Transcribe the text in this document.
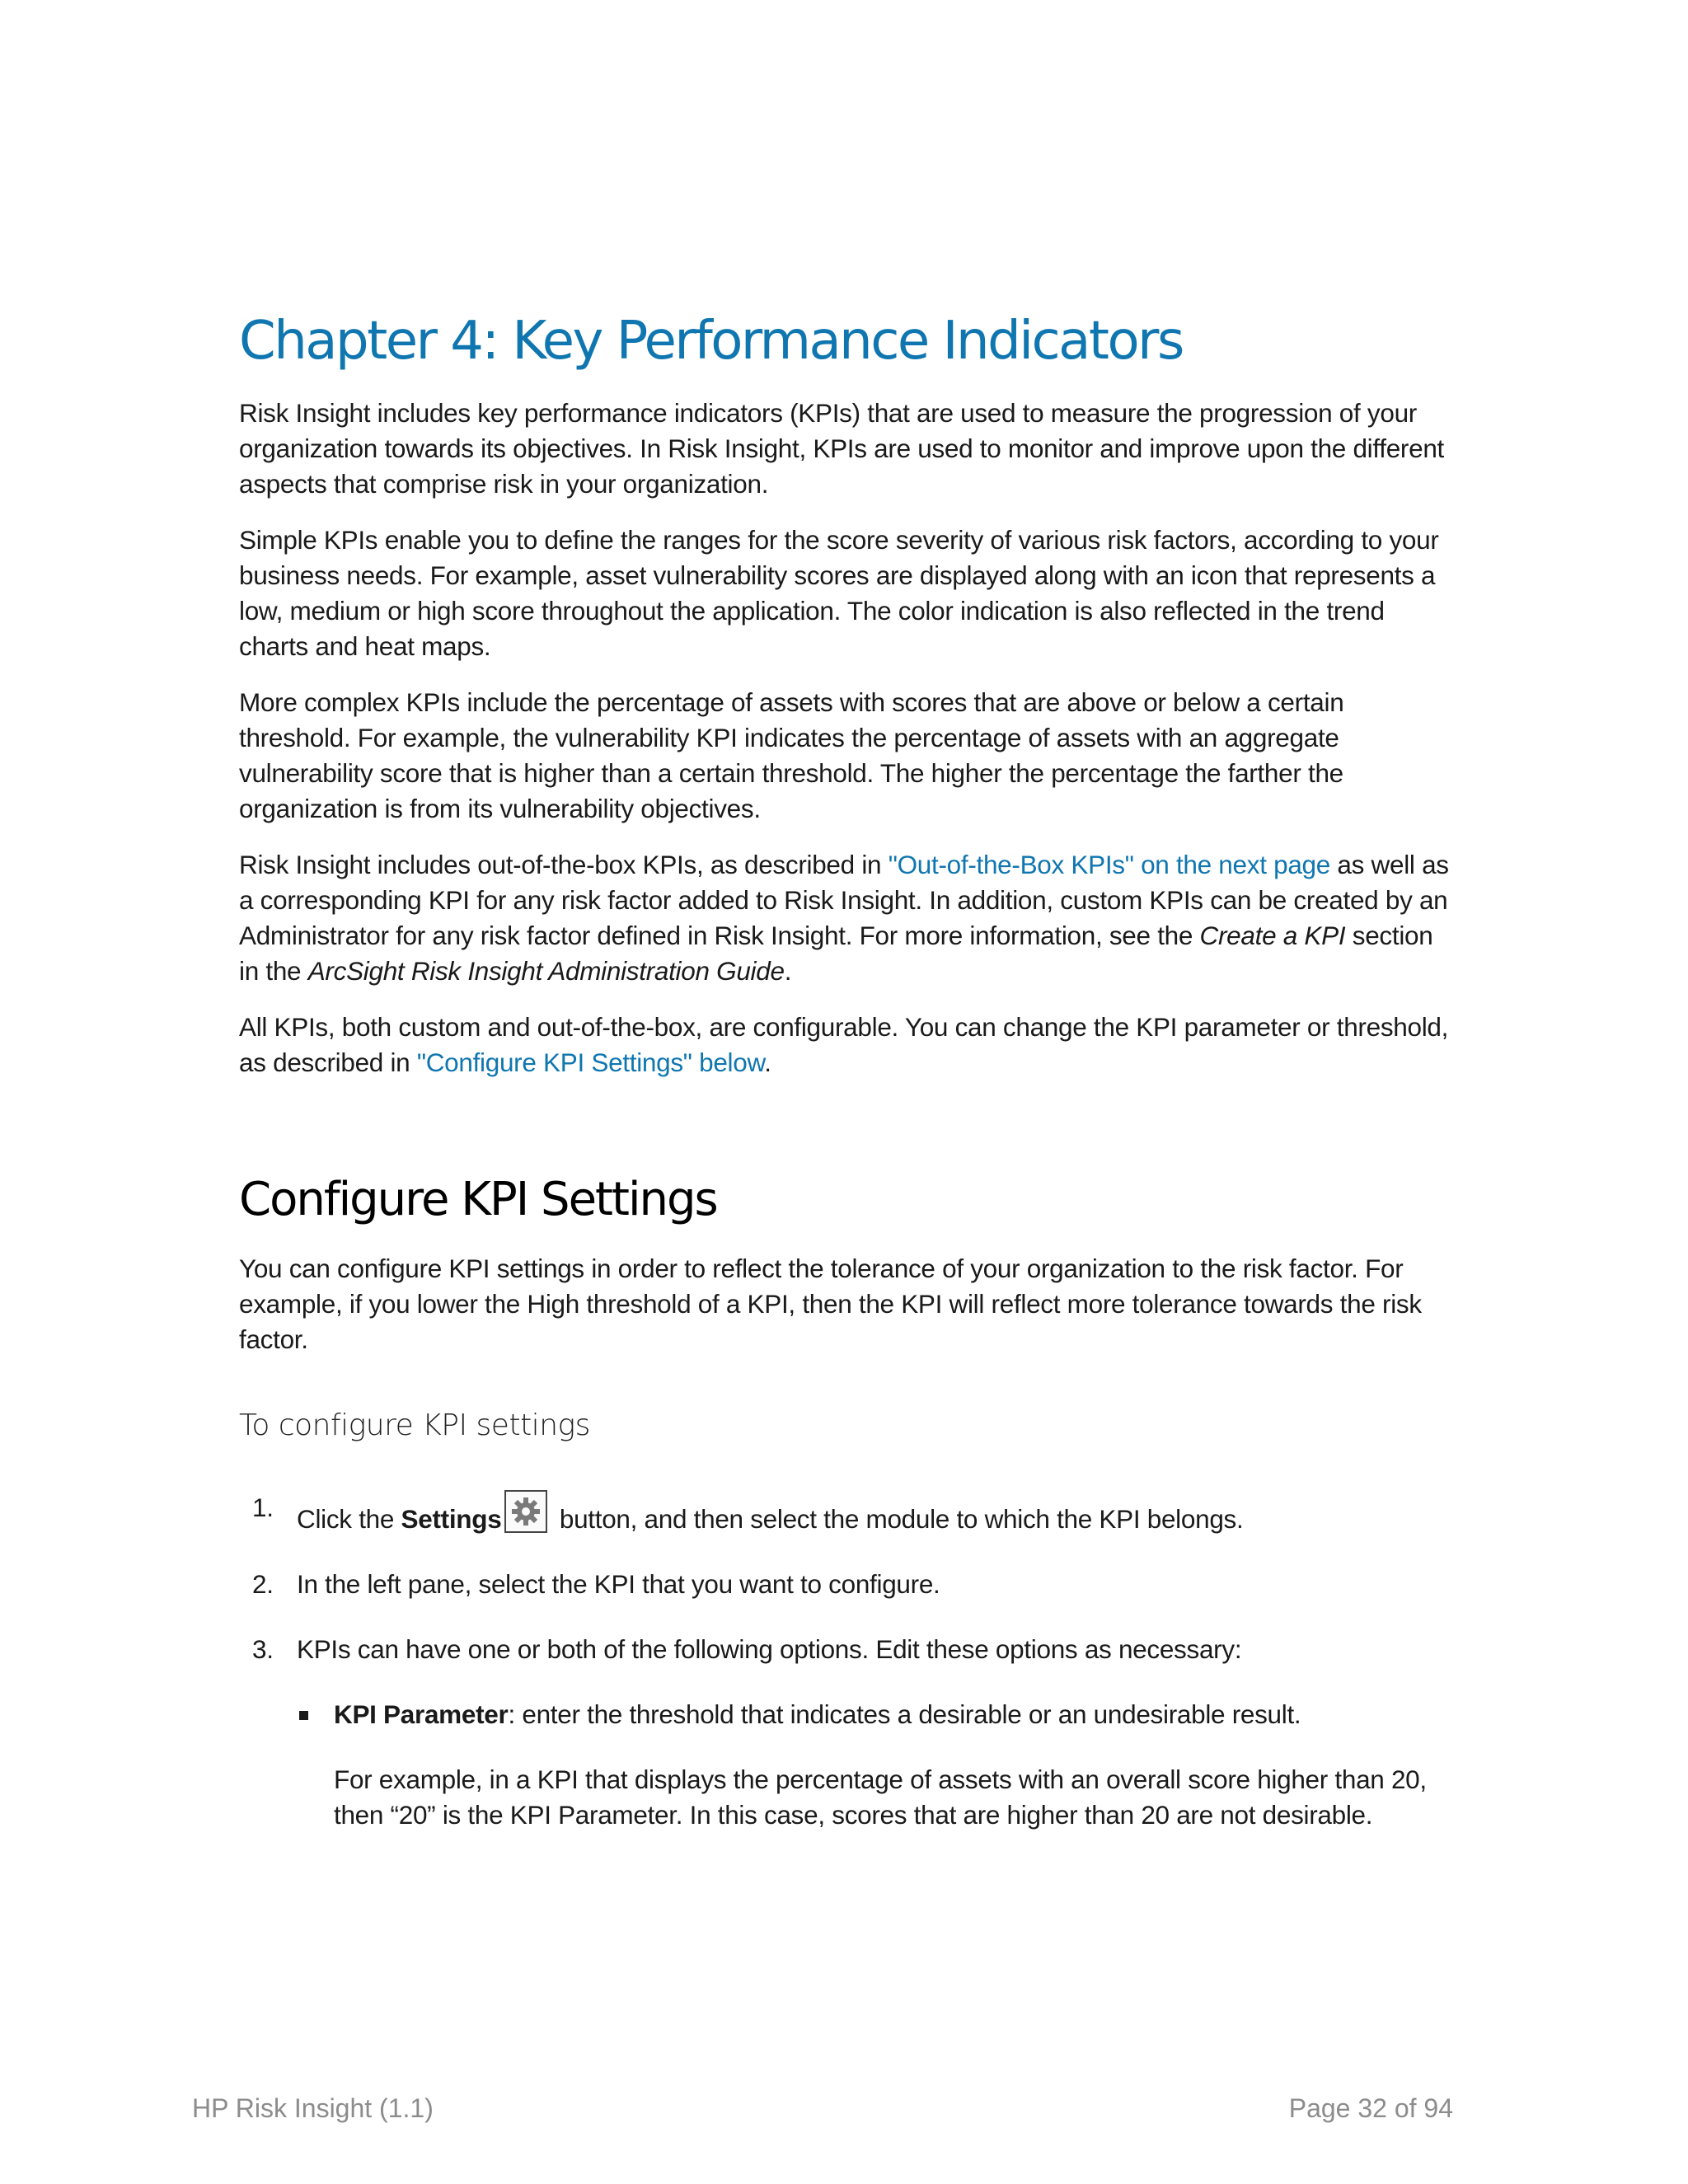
Chapter 4: Key Performance Indicators

Risk Insight includes key performance indicators (KPIs) that are used to measure the progression of your organization towards its objectives. In Risk Insight, KPIs are used to monitor and improve upon the different aspects that comprise risk in your organization.

Simple KPIs enable you to define the ranges for the score severity of various risk factors, according to your business needs. For example, asset vulnerability scores are displayed along with an icon that represents a low, medium or high score throughout the application. The color indication is also reflected in the trend charts and heat maps.

More complex KPIs include the percentage of assets with scores that are above or below a certain threshold. For example, the vulnerability KPI indicates the percentage of assets with an aggregate vulnerability score that is higher than a certain threshold. The higher the percentage the farther the organization is from its vulnerability objectives.

Risk Insight includes out-of-the-box KPIs, as described in "Out-of-the-Box KPIs" on the next page as well as a corresponding KPI for any risk factor added to Risk Insight. In addition, custom KPIs can be created by an Administrator for any risk factor defined in Risk Insight. For more information, see the Create a KPI section in the ArcSight Risk Insight Administration Guide.

All KPIs, both custom and out-of-the-box, are configurable. You can change the KPI parameter or threshold, as described in "Configure KPI Settings" below.

Configure KPI Settings

You can configure KPI settings in order to reflect the tolerance of your organization to the risk factor. For example, if you lower the High threshold of a KPI, then the KPI will reflect more tolerance towards the risk factor.

To configure KPI settings
1. Click the Settings
button, and then select the module to which the KPI belongs.
2. In the left pane, select the KPI that you want to configure.
3. KPIs can have one or both of the following options. Edit these options as necessary:

KPI Parameter: enter the threshold that indicates a desirable or an undesirable result.

For example, in a KPI that displays the percentage of assets with an overall score higher than 20, then “20” is the KPI Parameter. In this case, scores that are higher than 20 are not desirable.

HP Risk Insight (1.1)	Page 32 of 94
